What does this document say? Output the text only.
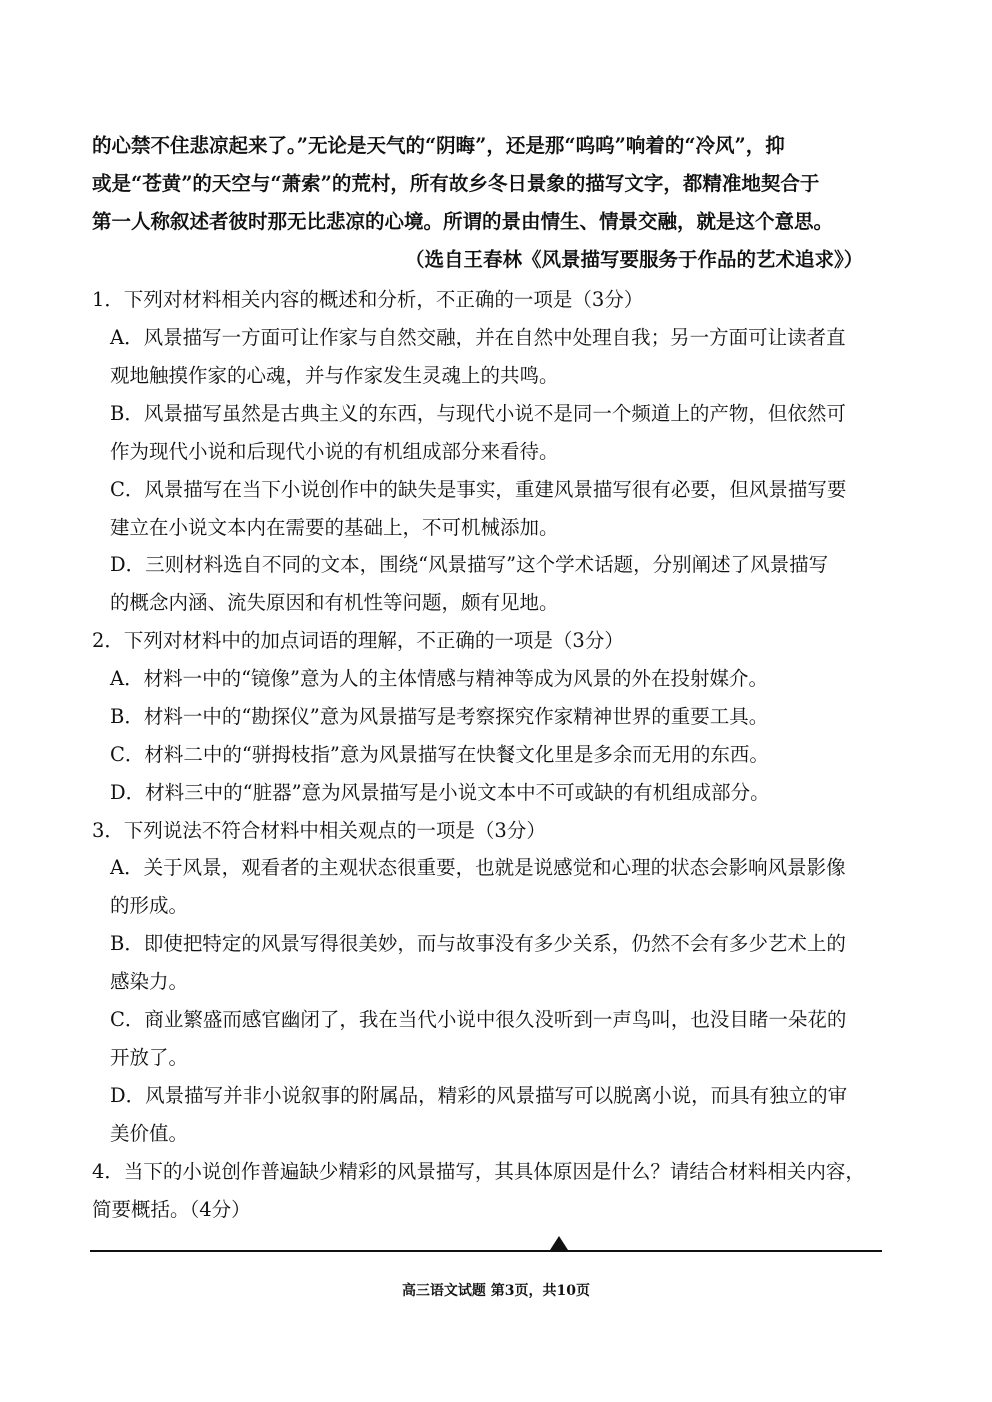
的心禁不住悲凉起来了。”无论是天气的“阴晦”，还是那“呜呜”响着的“冷风”，抑
或是“苍黄”的天空与“萧索”的荒村，所有故乡冬日景象的描写文字，都精准地契合于
第一人称叙述者彼时那无比悲凉的心境。所谓的景由情生、情景交融，就是这个意思。
（选自王春林《风景描写要服务于作品的艺术追求》）
1．下列对材料相关内容的概述和分析，不正确的一项是（3分）
A．风景描写一方面可让作家与自然交融，并在自然中处理自我；另一方面可让读者直
观地触摸作家的心魂，并与作家发生灵魂上的共鸣。
B．风景描写虽然是古典主义的东西，与现代小说不是同一个频道上的产物，但依然可
作为现代小说和后现代小说的有机组成部分来看待。
C．风景描写在当下小说创作中的缺失是事实，重建风景描写很有必要，但风景描写要
建立在小说文本内在需要的基础上，不可机械添加。
D．三则材料选自不同的文本，围绕“风景描写”这个学术话题，分别阐述了风景描写
的概念内涵、流失原因和有机性等问题，颇有见地。
2．下列对材料中的加点词语的理解，不正确的一项是（3分）
A．材料一中的“镜像”意为人的主体情感与精神等成为风景的外在投射媒介。
B．材料一中的“勘探仪”意为风景描写是考察探究作家精神世界的重要工具。
C．材料二中的“骈拇枝指”意为风景描写在快餐文化里是多余而无用的东西。
D．材料三中的“脏器”意为风景描写是小说文本中不可或缺的有机组成部分。
3．下列说法不符合材料中相关观点的一项是（3分）
A．关于风景，观看者的主观状态很重要，也就是说感觉和心理的状态会影响风景影像
的形成。
B．即使把特定的风景写得很美妙，而与故事没有多少关系，仍然不会有多少艺术上的
感染力。
C．商业繁盛而感官幽闭了，我在当代小说中很久没听到一声鸟叫，也没目睹一朵花的
开放了。
D．风景描写并非小说叙事的附属品，精彩的风景描写可以脱离小说，而具有独立的审
美价值。
4．当下的小说创作普遍缺少精彩的风景描写，其具体原因是什么？请结合材料相关内容，
简要概括。（4分）
高三语文试题 第3页，共10页
